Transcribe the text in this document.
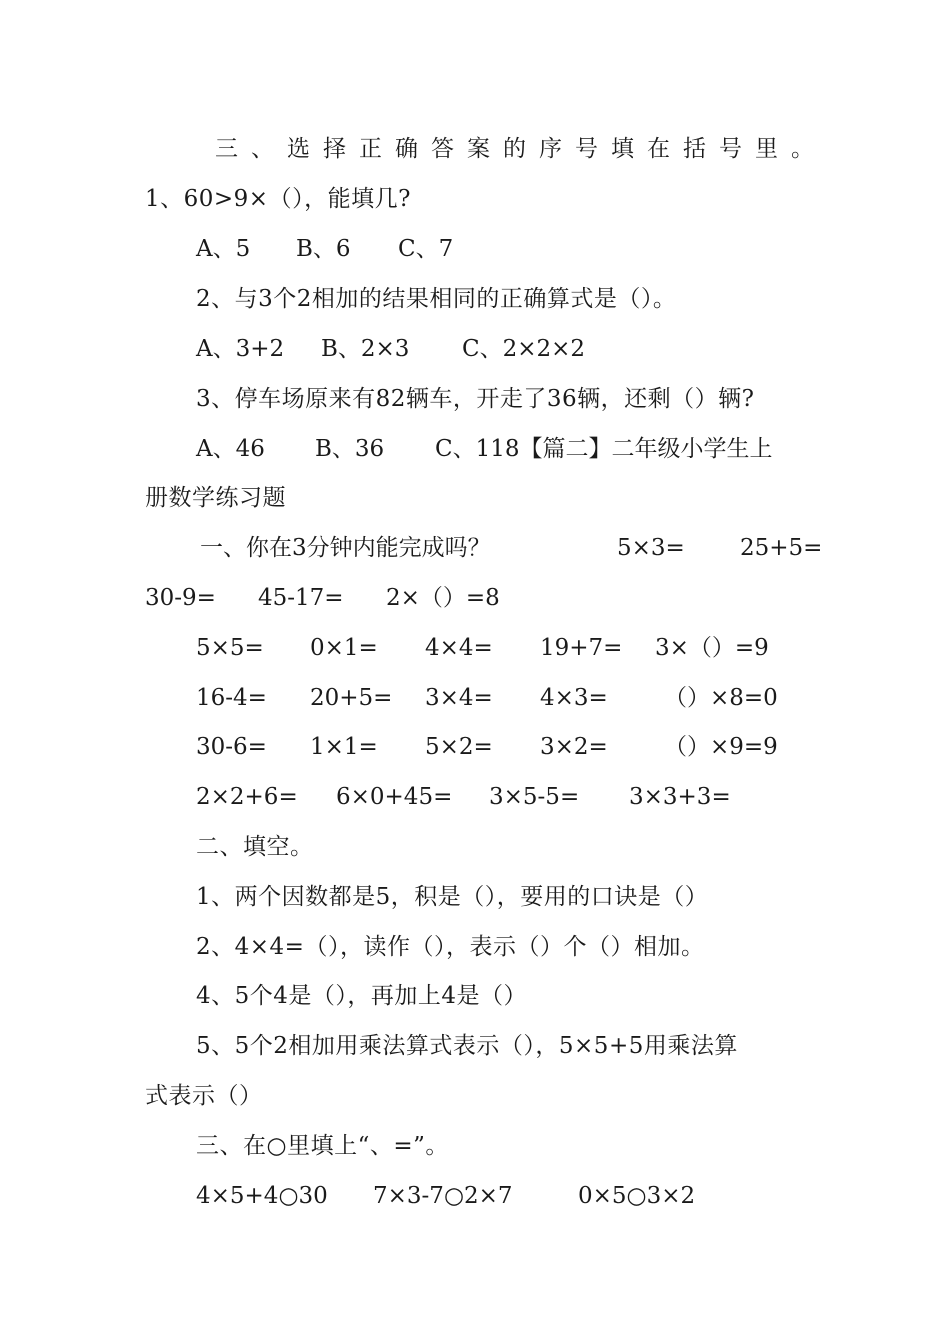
三、选择正确答案的序号填在括号里。
1、60>9×（），能填几?
A、5 B、6 C、7
2、与3个2相加的结果相同的正确算式是（）。
A、3+2 B、2×3 C、2×2×2
3、停车场原来有82辆车，开走了36辆，还剩（）辆?
A、46 B、36 C、118【篇二】二年级小学生上
册数学练习题
一、你在3分钟内能完成吗？	5×3= 25+5=
30-9= 45-17= 2×（）=8
5×5= 0×1= 4×4= 19+7= 3×（）=9
16-4= 20+5= 3×4= 4×3= （）×8=0
30-6= 1×1= 5×2= 3×2= （）×9=9
2×2+6= 6×0+45= 3×5-5= 3×3+3=
二、填空。
1、两个因数都是5，积是（），要用的口诀是（）
2、4×4=（），读作（），表示（）个（）相加。
4、5个4是（），再加上4是（）
5、5个2相加用乘法算式表示（），5×5+5用乘法算
式表示（）
三、在○里填上“、=”。
4×5+4○30 7×3-7○2×7	0×5○3×2
